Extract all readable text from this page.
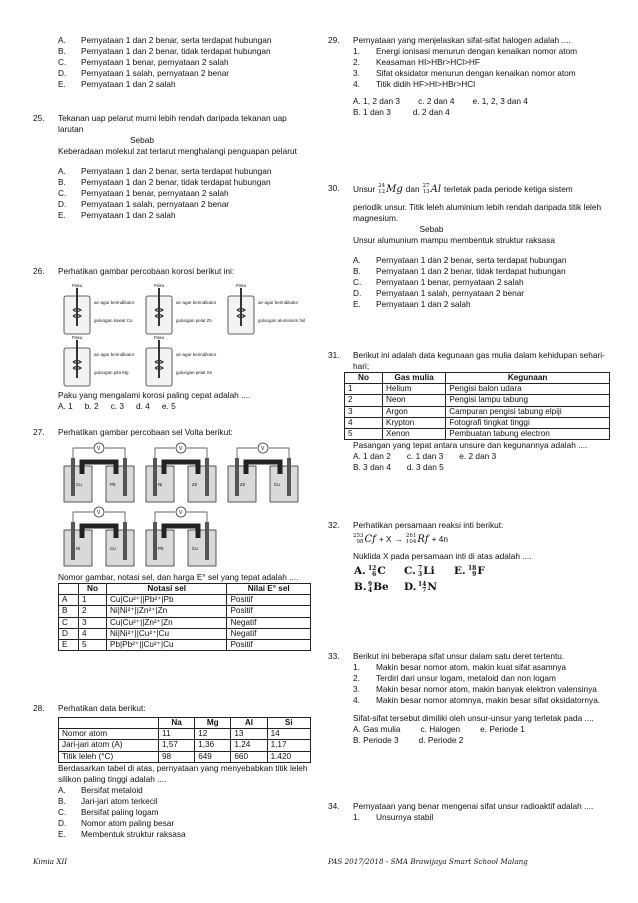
A.	Pernyataan 1 dan 2 benar, serta terdapat hubungan
B.	Pernyataan 1 dan 2 benar, tidak terdapat hubungan
C.	Pernyataan 1 benar, pernyataan 2 salah
D.	Pernyataan 1 salah, pernyataan 2 benar
E.	Pernyataan 1 dan 2 salah
25. Tekanan uap pelarut murni lebih rendah daripada tekanan uap larutan
Sebab
Keberadaan molekul zat terlarut menghalangi penguapan pelarut
A.	Pernyataan 1 dan 2 benar, serta terdapat hubungan
B.	Pernyataan 1 dan 2 benar, tidak terdapat hubungan
C.	Pernyataan 1 benar, pernyataan 2 salah
D.	Pernyataan 1 salah, pernyataan 2 benar
E.	Pernyataan 1 dan 2 salah
26. Perhatikan gambar percobaan korosi berikut ini:
Paku	Paku	Paku
Paku	Paku
air-agar berindikator	air-agar berindikator	air-agar berindikator
air-agar berindikator	air-agar berindikator
gulungan kawat Cu	gulungan pelat Zn	gulungan aluminium foil
gulungan pita Mg	gulungan pelat Sn
Paku yang mengalami korosi paling cepat adalah ....
A. 1 b. 2 c. 3 d. 4 e. 5
27. Perhatikan gambar percobaan sel Volta berikut:
V
Cu	Pb
V
Ni	Zn
V
Zn	Cu
V
Ni	Cu
V
Pb	Cu
Nomor gambar, notasi sel, dan harga E° sel yang tepat adalah ....
	No	Notasi sel	Nilai E° sel
A	1	Cu|Cu²⁺||Pb²⁺|Pb	Positif
B	2	Ni|Ni²⁺||Zn²⁺|Zn	Positif
C	3	Cu|Cu²⁺||Zn²⁺|Zn	Negatif
D	4	Ni|Ni²⁺||Cu²⁺|Cu	Negatif
E	5	Pb|Pb²⁺||Cu²⁺|Cu	Positif
28. Perhatikan data berikut:
	Na	Mg	Al	Si
Nomor atom	11	12	13	14
Jari-jari atom (A)	1,57	1,36	1,24	1,17
Titik leleh (°C)	98	649	660	1.420
Berdasarkan tabel di atas, pernyataan yang menyebabkan titik leleh silikon paling tinggi adalah ....
A.	Bersifat metaloid
B.	Jari-jari atom terkecil
C.	Bersifat paling logam
D.	Nomor atom paling besar
E.	Membentuk struktur raksasa
Kimia XII
29. Pernyataan yang menjelaskan sifat-sifat halogen adalah ....
1.	Energi ionisasi menurun dengan kenaikan nomor atom
2.	Keasaman HI>HBr>HCl>HF
3.	Sifat oksidator menurun dengan kenaikan nomor atom
4.	Titik didih HF>HI>HBr>HCl
A. 1, 2 dan 3 c. 2 dan 4 e. 1, 2, 3 dan 4
B. 1 dan 3	d. 2 dan 4
30. Unsur 24
12 Mg dan 27
13 Al terletak pada periode ketiga sistem
periodik unsur. Titik leleh aluminium lebih rendah daripada titik leleh magnesium.
Sebab
Unsur alumunium mampu membentuk struktur raksasa
A.	Pernyataan 1 dan 2 benar, serta terdapat hubungan
B.	Pernyataan 1 dan 2 benar, tidak terdapat hubungan
C.	Pernyataan 1 benar, pernyataan 2 salah
D.	Pernyataan 1 salah, pernyataan 2 benar
E.	Pernyataan 1 dan 2 salah
31. Berikut ini adalah data kegunaan gas mulia dalam kehidupan sehari-hari;
No	Gas mulia	Kegunaan
1	Helium	Pengisi balon udara
2	Neon	Pengisi lampu tabung
3	Argon	Campuran pengisi tabung elpiji
4	Krypton	Fotografi tingkat tinggi
5	Xenon	Pembuatan tabung electron
Pasangan yang tepat antara unsure dan kegunannya adalah ....
A. 1 dan 2 c. 1 dan 3 e. 2 dan 3
B. 3 dan 4 d. 3 dan 5
32. Perhatikan persamaan reaksi inti berikut:
253
98 Cf + X → 261
104 Rf + 4n
Nuklida X pada persamaan inti di atas adalah ....
A. 12
6 C C. 7
3 Li E. 18
9 F
B. 9
4 Be D. 14
7 N
33. Berikut ini beberapa sifat unsur dalam satu deret tertentu.
1.	Makin besar nomor atom, makin kuat sifat asamnya
2.	Terdiri dari unsur logam, metaloid dan non logam
3.	Makin besar nomor atom, makin banyak elektron valensinya
4.	Makin besar nomor atomnya, makin besar sifat oksidatornya.
Sifat-sifat tersebut dimiliki oleh unsur-unsur yang terletak pada ....
A. Gas mulia c. Halogen e. Periode 1
B. Periode 3 d. Periode 2
34. Pernyataan yang benar mengenai sifat unsur radioaktif adalah ....
1.	Unsurnya stabil
PAS 2017/2018 - SMA Brawijaya Smart School Malang
